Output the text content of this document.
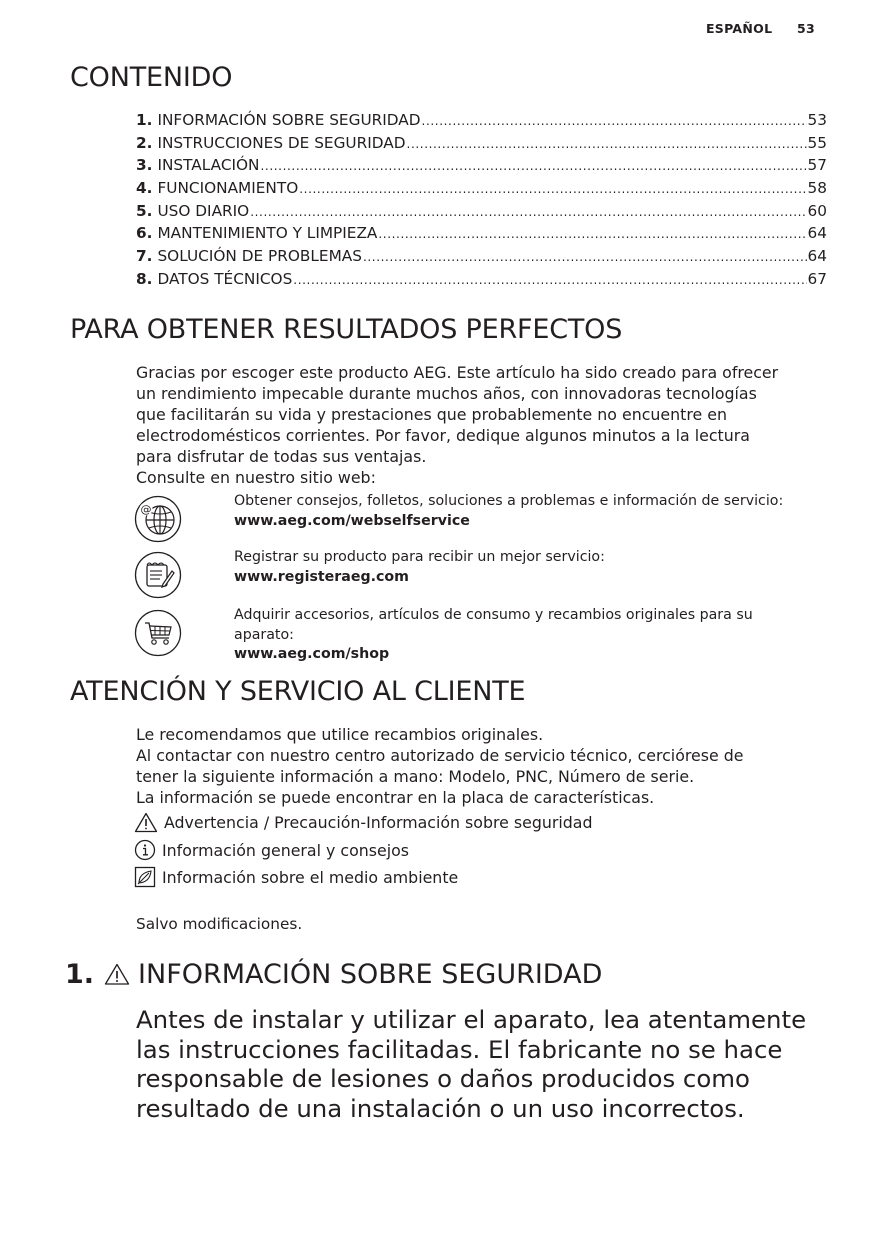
ESPAÑOL 53
CONTENIDO
1. INFORMACIÓN SOBRE SEGURIDAD .....	53
2. INSTRUCCIONES DE SEGURIDAD .....	55
3. INSTALACIÓN .....	57
4. FUNCIONAMIENTO .....	58
5. USO DIARIO .....	60
6. MANTENIMIENTO Y LIMPIEZA .....	64
7. SOLUCIÓN DE PROBLEMAS .....	64
8. DATOS TÉCNICOS .....	67
PARA OBTENER RESULTADOS PERFECTOS

Gracias por escoger este producto AEG. Este artículo ha sido creado para ofrecer

un rendimiento impecable durante muchos años, con innovadoras tecnologías

que facilitarán su vida y prestaciones que probablemente no encuentre en

electrodomésticos corrientes. Por favor, dedique algunos minutos a la lectura

para disfrutar de todas sus ventajas.

Consulte en nuestro sitio web:

@
Obtener consejos, folletos, soluciones a problemas e información de servicio:
www.aeg.com/webselfservice
Registrar su producto para recibir un mejor servicio:
www.registeraeg.com
Adquirir accesorios, artículos de consumo y recambios originales para su
aparato:
www.aeg.com/shop
ATENCIÓN Y SERVICIO AL CLIENTE

Le recomendamos que utilice recambios originales.

Al contactar con nuestro centro autorizado de servicio técnico, cerciórese de

tener la siguiente información a mano: Modelo, PNC, Número de serie.

La información se puede encontrar en la placa de características.

Advertencia / Precaución-Información sobre seguridad
Información general y consejos
Información sobre el medio ambiente
Salvo modificaciones.
1. INFORMACIÓN SOBRE SEGURIDAD

Antes de instalar y utilizar el aparato, lea atentamente

las instrucciones facilitadas. El fabricante no se hace

responsable de lesiones o daños producidos como

resultado de una instalación o un uso incorrectos.
